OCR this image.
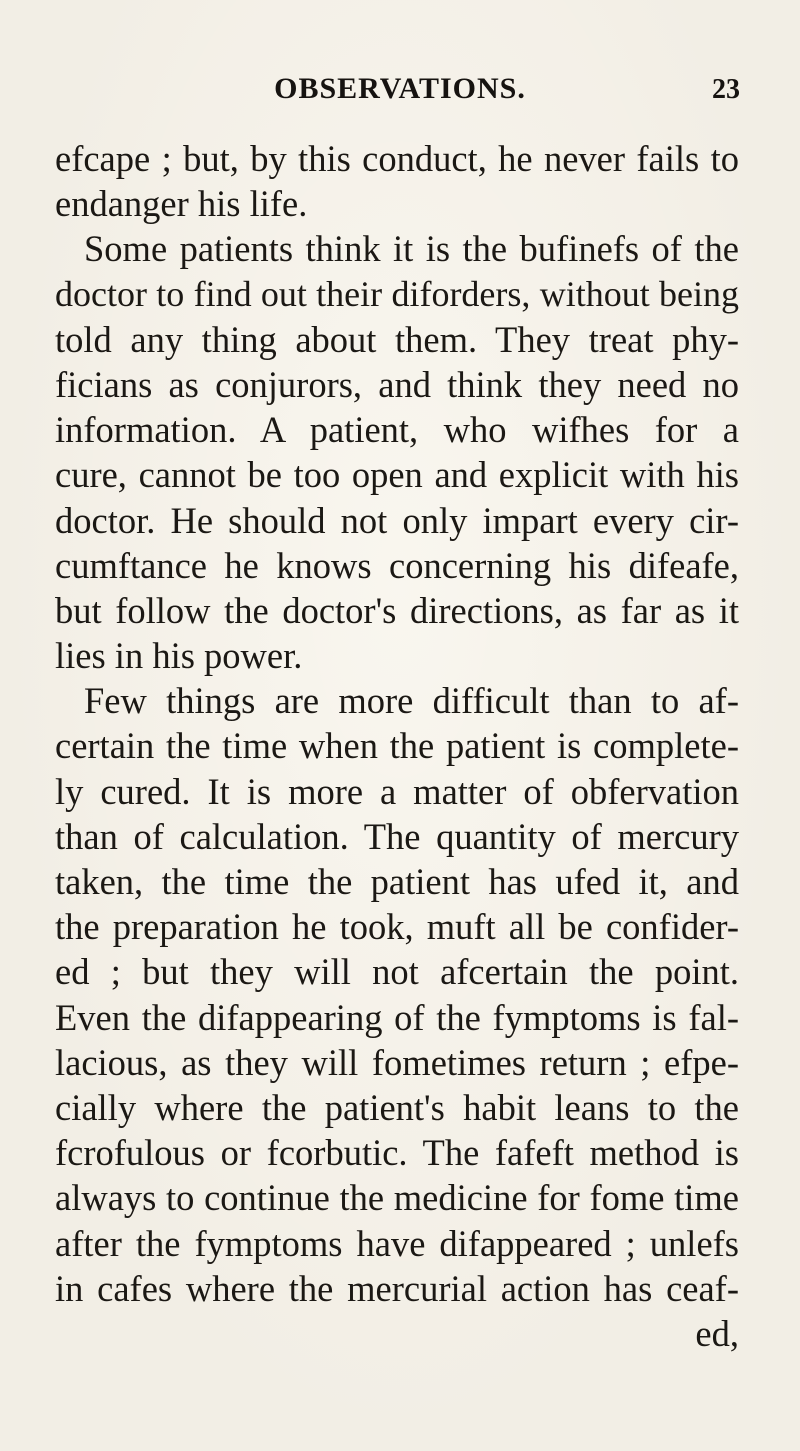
OBSERVATIONS.	23
efcape ; but, by this conduct, he never fails to
endanger his life.
Some patients think it is the bufinefs of the
doctor to find out their diforders, without being
told any thing about them. They treat phy-
ficians as conjurors, and think they need no
information. A patient, who wifhes for a
cure, cannot be too open and explicit with his
doctor. He should not only impart every cir-
cumftance he knows concerning his difeafe,
but follow the doctor's directions, as far as it
lies in his power.
Few things are more difficult than to af-
certain the time when the patient is complete-
ly cured. It is more a matter of obfervation
than of calculation. The quantity of mercury
taken, the time the patient has ufed it, and
the preparation he took, muft all be confider-
ed ; but they will not afcertain the point.
Even the difappearing of the fymptoms is fal-
lacious, as they will fometimes return ; efpe-
cially where the patient's habit leans to the
fcrofulous or fcorbutic. The fafeft method is
always to continue the medicine for fome time
after the fymptoms have difappeared ; unlefs
in cafes where the mercurial action has ceaf-
ed,
